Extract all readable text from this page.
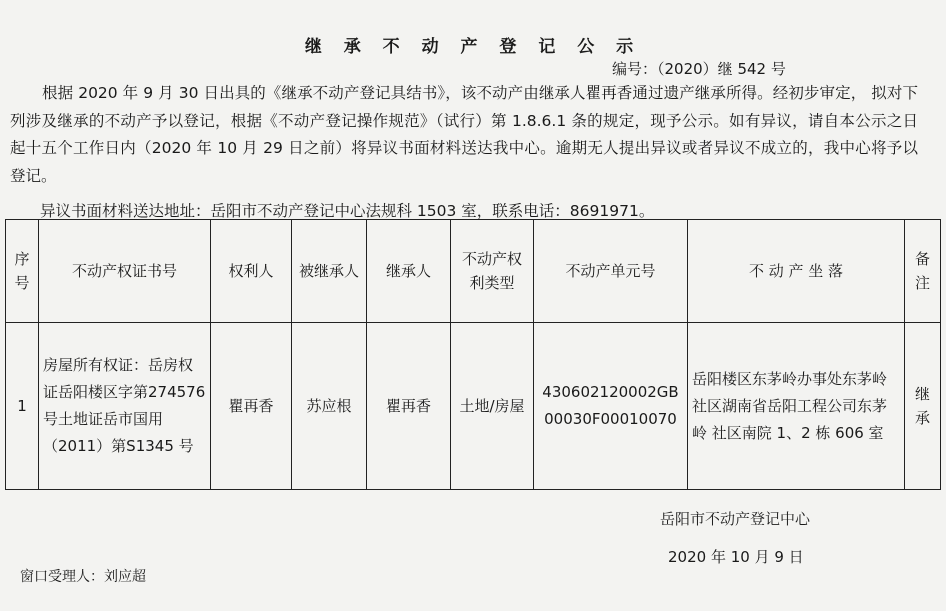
继 承 不 动 产 登 记 公 示
编号：（2020）继 542 号
根据 2020 年 9 月 30 日出具的《继承不动产登记具结书》，该不动产由继承人瞿再香通过遗产继承所得。经初步审定， 拟对下列涉及继承的不动产予以登记，根据《不动产登记操作规范》（试行）第 1.8.6.1 条的规定，现予公示。如有异议，请自本公示之日起十五个工作日内（2020 年 10 月 29 日之前）将异议书面材料送达我中心。逾期无人提出异议或者异议不成立的，我中心将予以登记。
异议书面材料送达地址：岳阳市不动产登记中心法规科 1503 室，联系电话：8691971。
序号	不动产权证书号	权利人	被继承人	继承人	不动产权利类型	不动产单元号	不 动 产 坐 落	备注
1	房屋所有权证：岳房权证岳阳楼区字第274576 号土地证岳市国用（2011）第S1345 号	瞿再香	苏应根	瞿再香	土地/房屋	430602120002GB00030F00010070	岳阳楼区东茅岭办事处东茅岭社区湖南省岳阳工程公司东茅岭 社区南院 1、2 栋 606 室	继承
岳阳市不动产登记中心
2020 年 10 月 9 日
窗口受理人：刘应超
